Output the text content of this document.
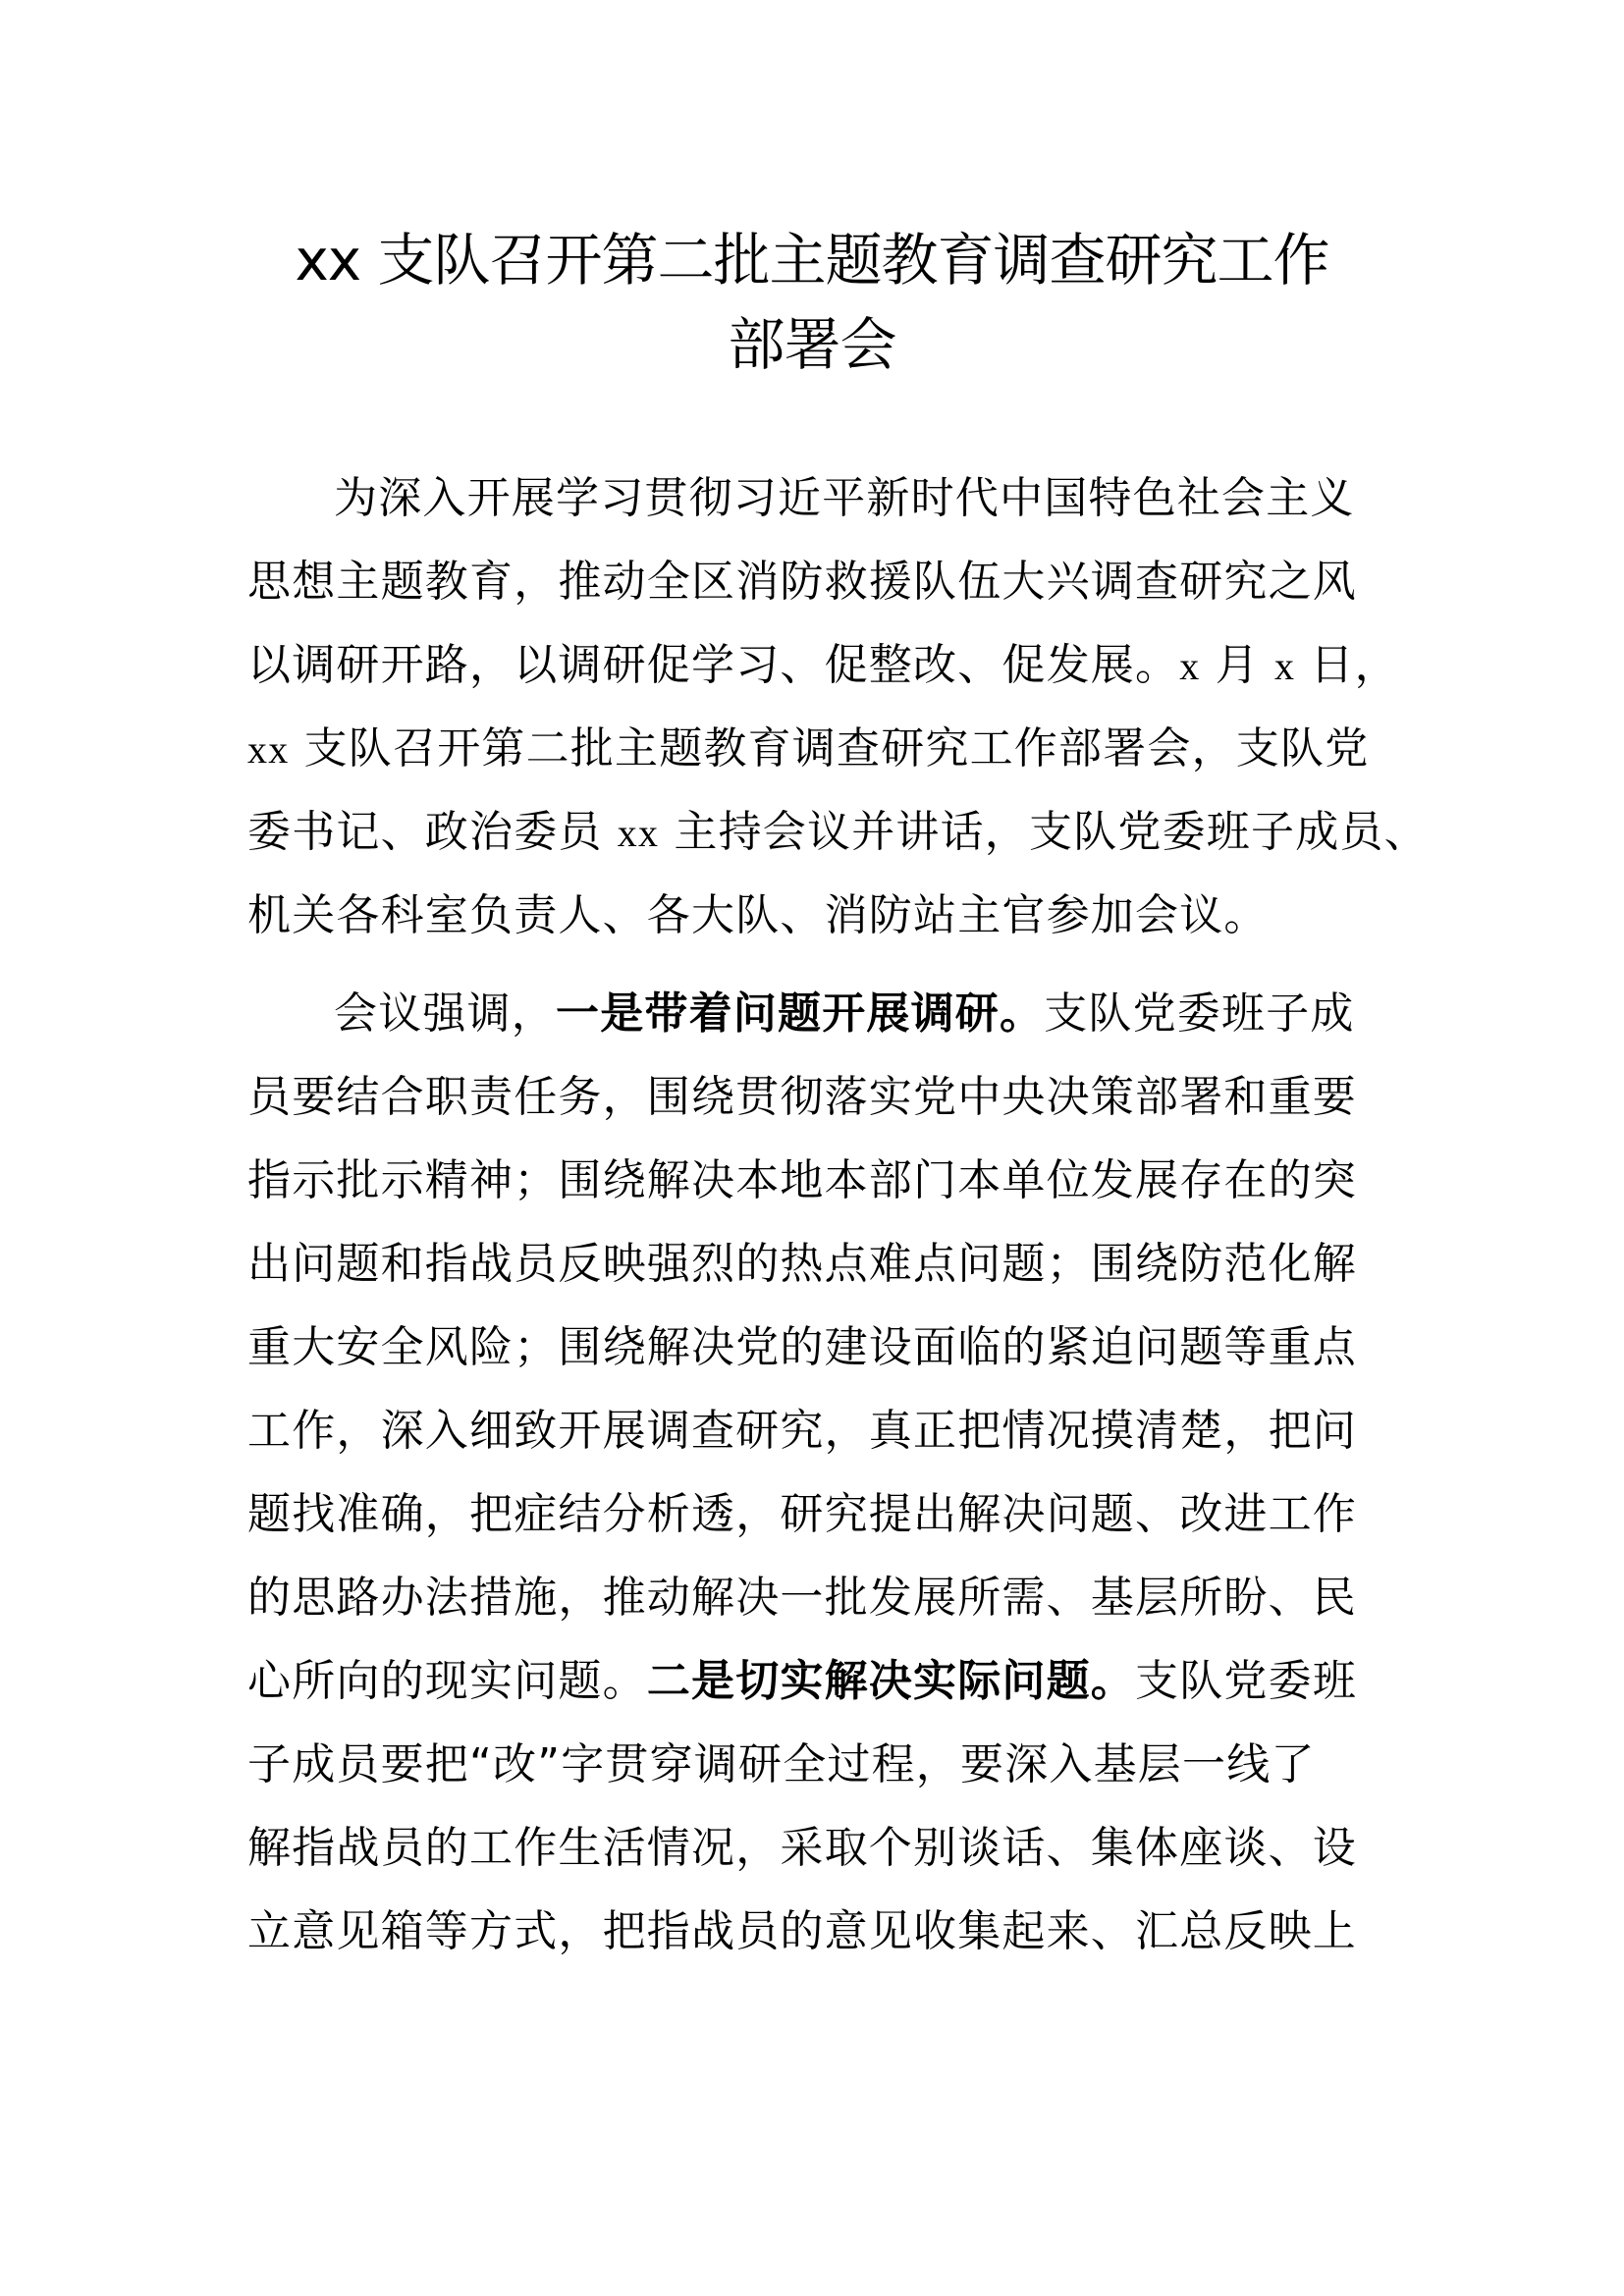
xx 支队召开第二批主题教育调查研究工作
部署会
为深入开展学习贯彻习近平新时代中国特色社会主义
思想主题教育，推动全区消防救援队伍大兴调查研究之风
以调研开路，以调研促学习、促整改、促发展。x 月 x 日，
xx 支队召开第二批主题教育调查研究工作部署会，支队党
委书记、政治委员 xx 主持会议并讲话，支队党委班子成员、
机关各科室负责人、各大队、消防站主官参加会议。
会议强调，一是带着问题开展调研。支队党委班子成
员要结合职责任务，围绕贯彻落实党中央决策部署和重要
指示批示精神；围绕解决本地本部门本单位发展存在的突
出问题和指战员反映强烈的热点难点问题；围绕防范化解
重大安全风险；围绕解决党的建设面临的紧迫问题等重点
工作，深入细致开展调查研究，真正把情况摸清楚，把问
题找准确，把症结分析透，研究提出解决问题、改进工作
的思路办法措施，推动解决一批发展所需、基层所盼、民
心所向的现实问题。二是切实解决实际问题。支队党委班
子成员要把“改”字贯穿调研全过程，要深入基层一线了
解指战员的工作生活情况，采取个别谈话、集体座谈、设
立意见箱等方式，把指战员的意见收集起来、汇总反映上
